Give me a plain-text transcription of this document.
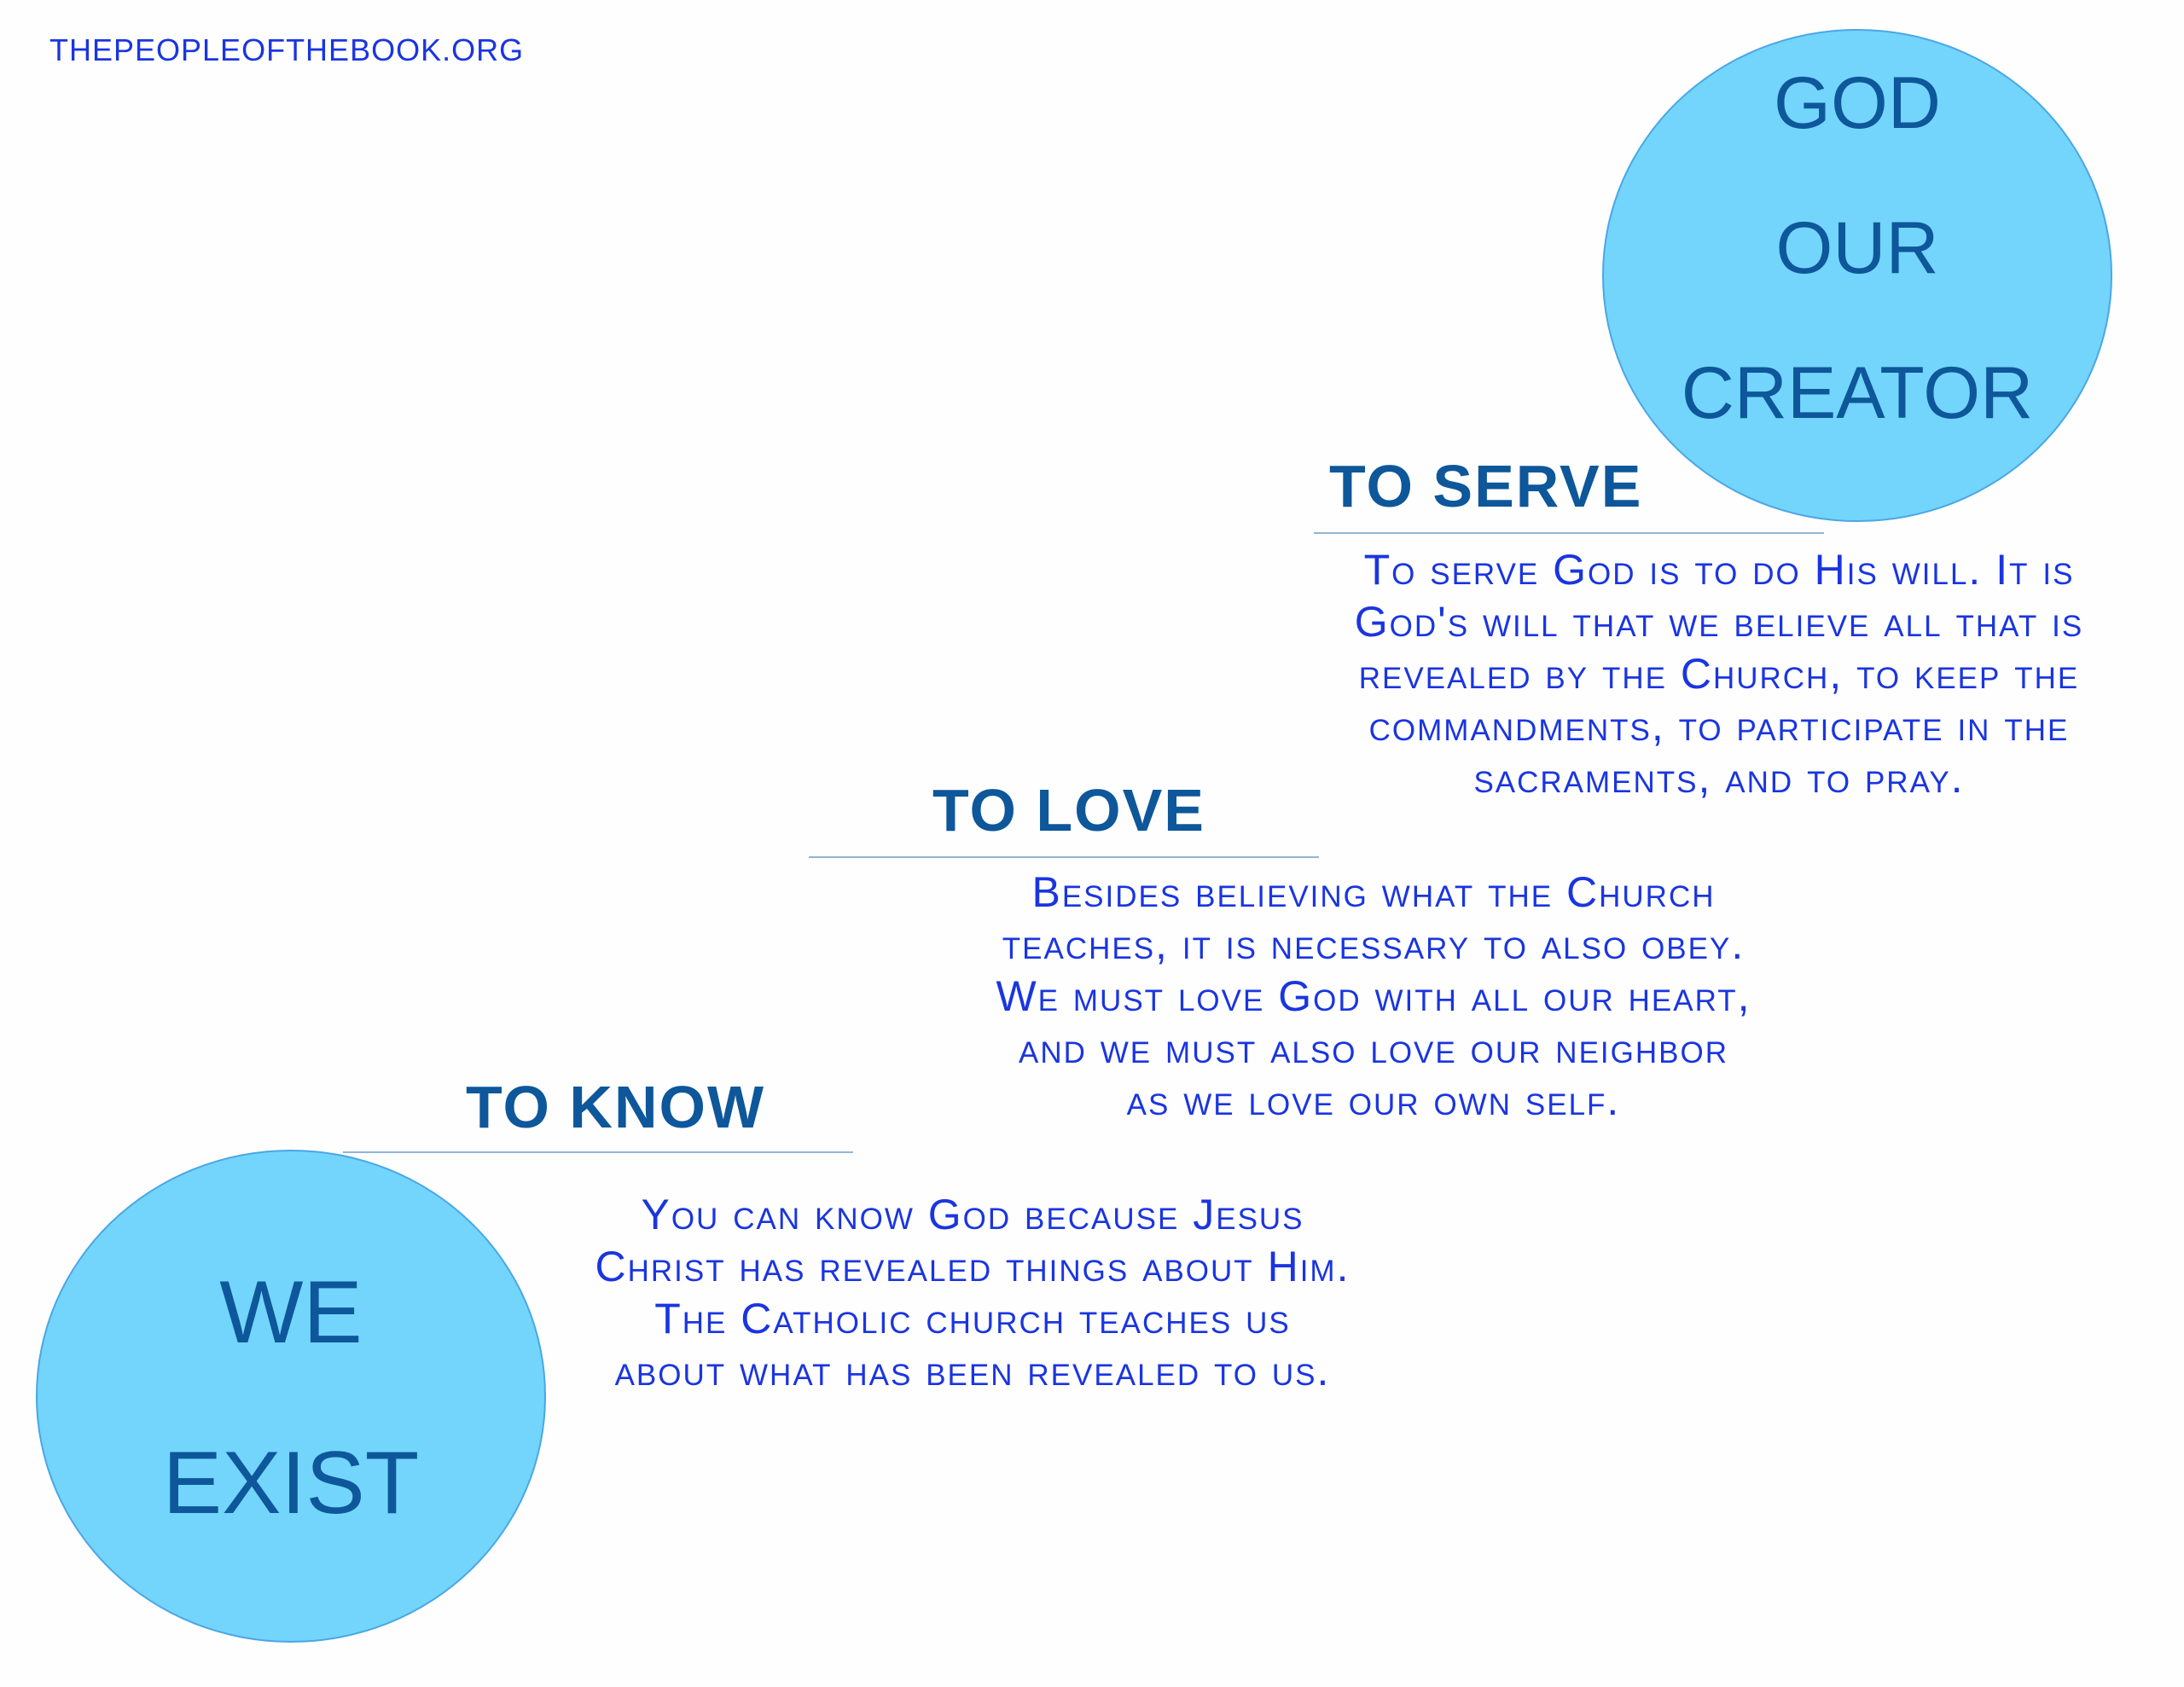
THEPEOPLEOFTHEBOOK.ORG
GOD
OUR
CREATOR
WE
EXIST
TO SERVE
To serve God is to do His will. It is
God's will that we believe all that is
revealed by the Church, to keep the
commandments, to participate in the
sacraments, and to pray.
TO LOVE
Besides believing what the Church
teaches, it is necessary to also obey.
We must love God with all our heart,
and we must also love our neighbor
as we love our own self.
TO KNOW
You can know God because Jesus
Christ has revealed things about Him.
The Catholic church teaches us
about what has been revealed to us.
